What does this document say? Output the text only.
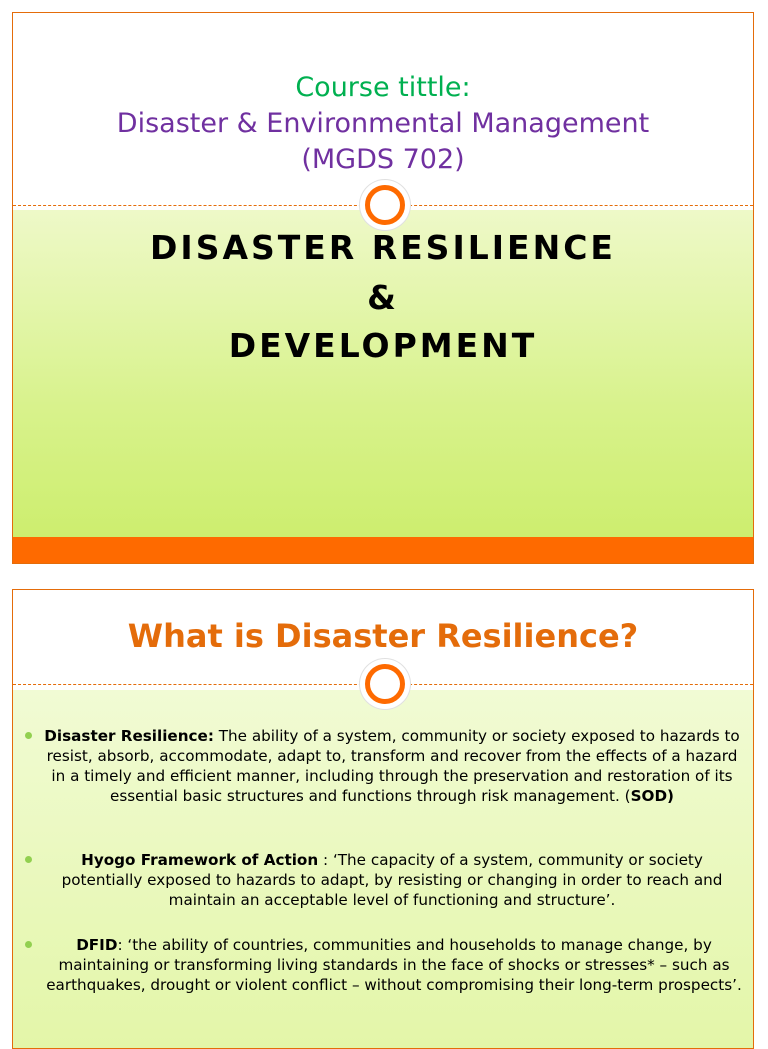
Course tittle:
Disaster & Environmental Management
(MGDS 702)
DISASTER RESILIENCE
&
DEVELOPMENT
What is Disaster Resilience?
Disaster Resilience: The ability of a system, community or society exposed to hazards to resist, absorb, accommodate, adapt to, transform and recover from the effects of a hazard in a timely and efficient manner, including through the preservation and restoration of its essential basic structures and functions through risk management. (SOD)
Hyogo Framework of Action : ‘The capacity of a system, community or society potentially exposed to hazards to adapt, by resisting or changing in order to reach and maintain an acceptable level of functioning and structure’.
DFID: ‘the ability of countries, communities and households to manage change, by maintaining or transforming living standards in the face of shocks or stresses* – such as earthquakes, drought or violent conflict – without compromising their long-term prospects’.
